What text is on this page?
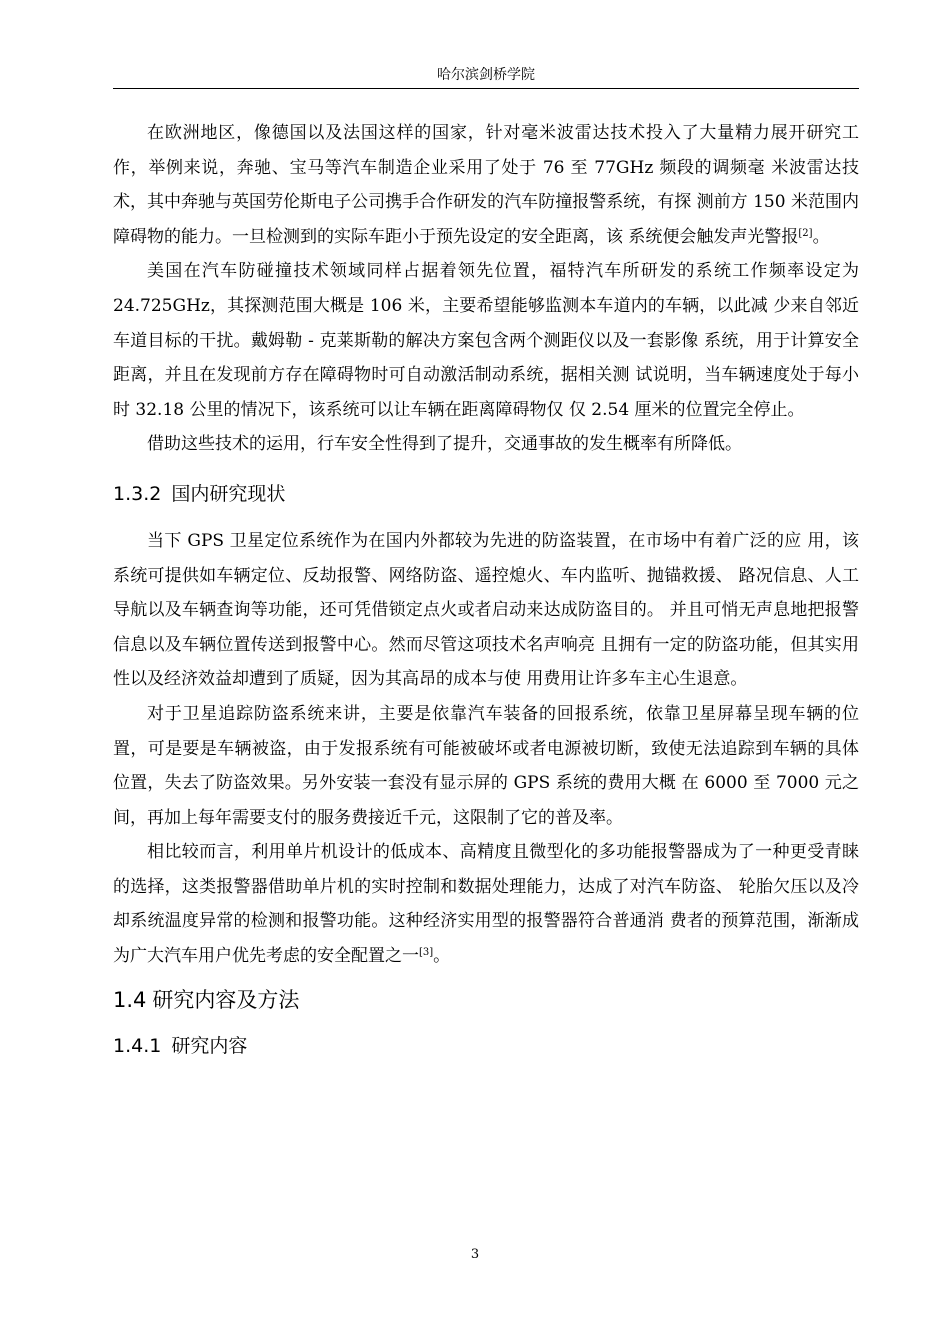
哈尔滨剑桥学院

在欧洲地区，像德国以及法国这样的国家，针对毫米波雷达技术投入了大量精力展开研究工作，举例来说，奔驰、宝马等汽车制造企业采用了处于 76 至 77GHz 频段的调频毫 米波雷达技术，其中奔驰与英国劳伦斯电子公司携手合作研发的汽车防撞报警系统，有探 测前方 150 米范围内障碍物的能力。一旦检测到的实际车距小于预先设定的安全距离，该 系统便会触发声光警报[2]。

美国在汽车防碰撞技术领域同样占据着领先位置，福特汽车所研发的系统工作频率设定为 24.725GHz，其探测范围大概是 106 米，主要希望能够监测本车道内的车辆，以此减 少来自邻近车道目标的干扰。戴姆勒 - 克莱斯勒的解决方案包含两个测距仪以及一套影像 系统，用于计算安全距离，并且在发现前方存在障碍物时可自动激活制动系统，据相关测 试说明，当车辆速度处于每小时 32.18 公里的情况下，该系统可以让车辆在距离障碍物仅 仅 2.54 厘米的位置完全停止。

借助这些技术的运用，行车安全性得到了提升，交通事故的发生概率有所降低。

1.3.2 国内研究现状

当下 GPS 卫星定位系统作为在国内外都较为先进的防盗装置，在市场中有着广泛的应 用，该系统可提供如车辆定位、反劫报警、网络防盗、遥控熄火、车内监听、抛锚救援、 路况信息、人工导航以及车辆查询等功能，还可凭借锁定点火或者启动来达成防盗目的。 并且可悄无声息地把报警信息以及车辆位置传送到报警中心。然而尽管这项技术名声响亮 且拥有一定的防盗功能，但其实用性以及经济效益却遭到了质疑，因为其高昂的成本与使 用费用让许多车主心生退意。

对于卫星追踪防盗系统来讲，主要是依靠汽车装备的回报系统，依靠卫星屏幕呈现车辆的位置，可是要是车辆被盗，由于发报系统有可能被破坏或者电源被切断，致使无法追踪到车辆的具体位置，失去了防盗效果。另外安装一套没有显示屏的 GPS 系统的费用大概 在 6000 至 7000 元之间，再加上每年需要支付的服务费接近千元，这限制了它的普及率。

相比较而言，利用单片机设计的低成本、高精度且微型化的多功能报警器成为了一种更受青睐的选择，这类报警器借助单片机的实时控制和数据处理能力，达成了对汽车防盗、 轮胎欠压以及冷却系统温度异常的检测和报警功能。这种经济实用型的报警器符合普通消 费者的预算范围，渐渐成为广大汽车用户优先考虑的安全配置之一[3]。

1.4 研究内容及方法
1.4.1 研究内容
3
